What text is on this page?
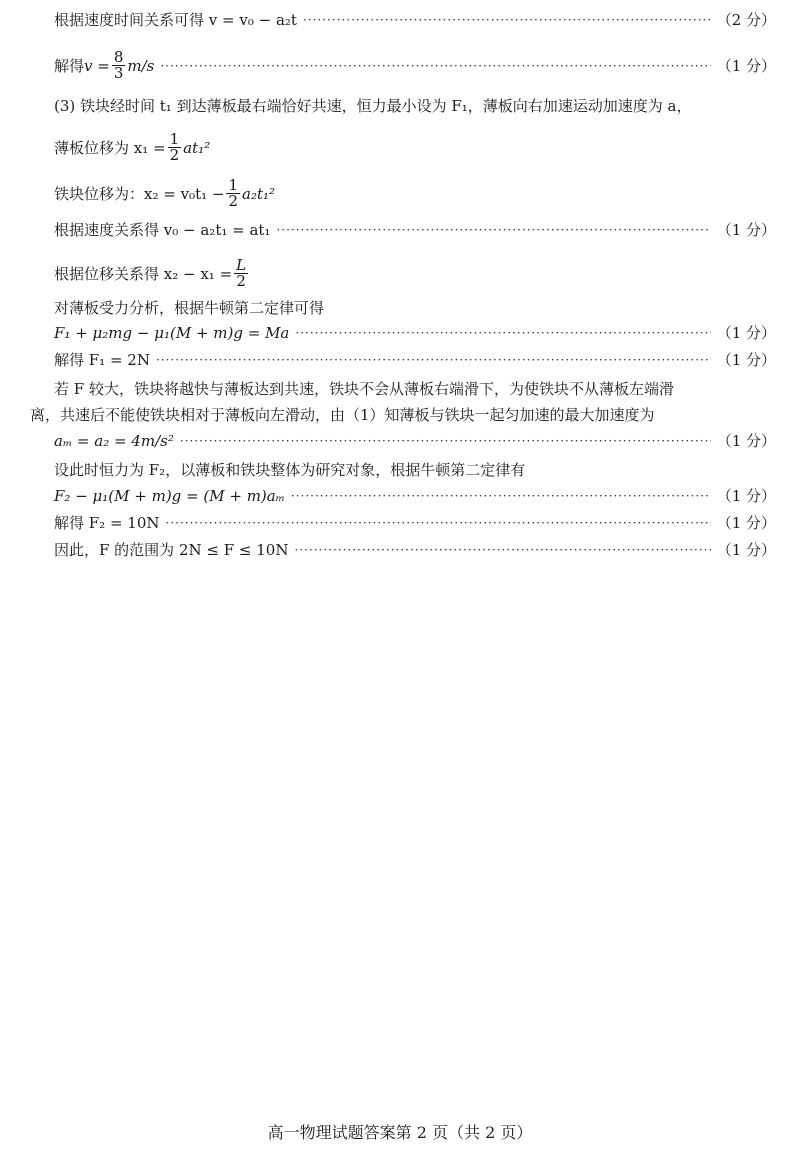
根据速度时间关系可得 v = v₀ − a₂t ·····	（2 分）
解得 $v = \frac{8}{3} m/s$ ·····	（1 分）
(3) 铁块经时间 t₁ 到达薄板最右端恰好共速，恒力最小设为 F₁，薄板向右加速运动加速度为 a，
薄板位移为 $x_1 = \frac{1}{2} at_1^2$
铁块位移为：$x_2 = v_0t_1 - \frac{1}{2} a_2t_1^2$
根据速度关系得 v₀ − a₂t₁ = at₁ ·····	（1 分）
根据位移关系得 $x_2 - x_1 = \frac{L}{2}$
对薄板受力分析，根据牛顿第二定律可得
F₁ + μ₂mg − μ₁(M + m)g = Ma ·····	（1 分）
解得 F₁ = 2N ·····	（1 分）
若 F 较大，铁块将越快与薄板达到共速，铁块不会从薄板右端滑下，为使铁块不从薄板左端滑
离，共速后不能使铁块相对于薄板向左滑动，由（1）知薄板与铁块一起匀加速的最大加速度为
aₘ = a₂ = 4m/s² ·····	（1 分）
设此时恒力为 F₂，以薄板和铁块整体为研究对象，根据牛顿第二定律有
F₂ − μ₁(M + m)g = (M + m)aₘ ·····	（1 分）
解得 F₂ = 10N ·····	（1 分）
因此，F 的范围为 2N ≤ F ≤ 10N ·····	（1 分）
高一物理试题答案第 2 页（共 2 页）
